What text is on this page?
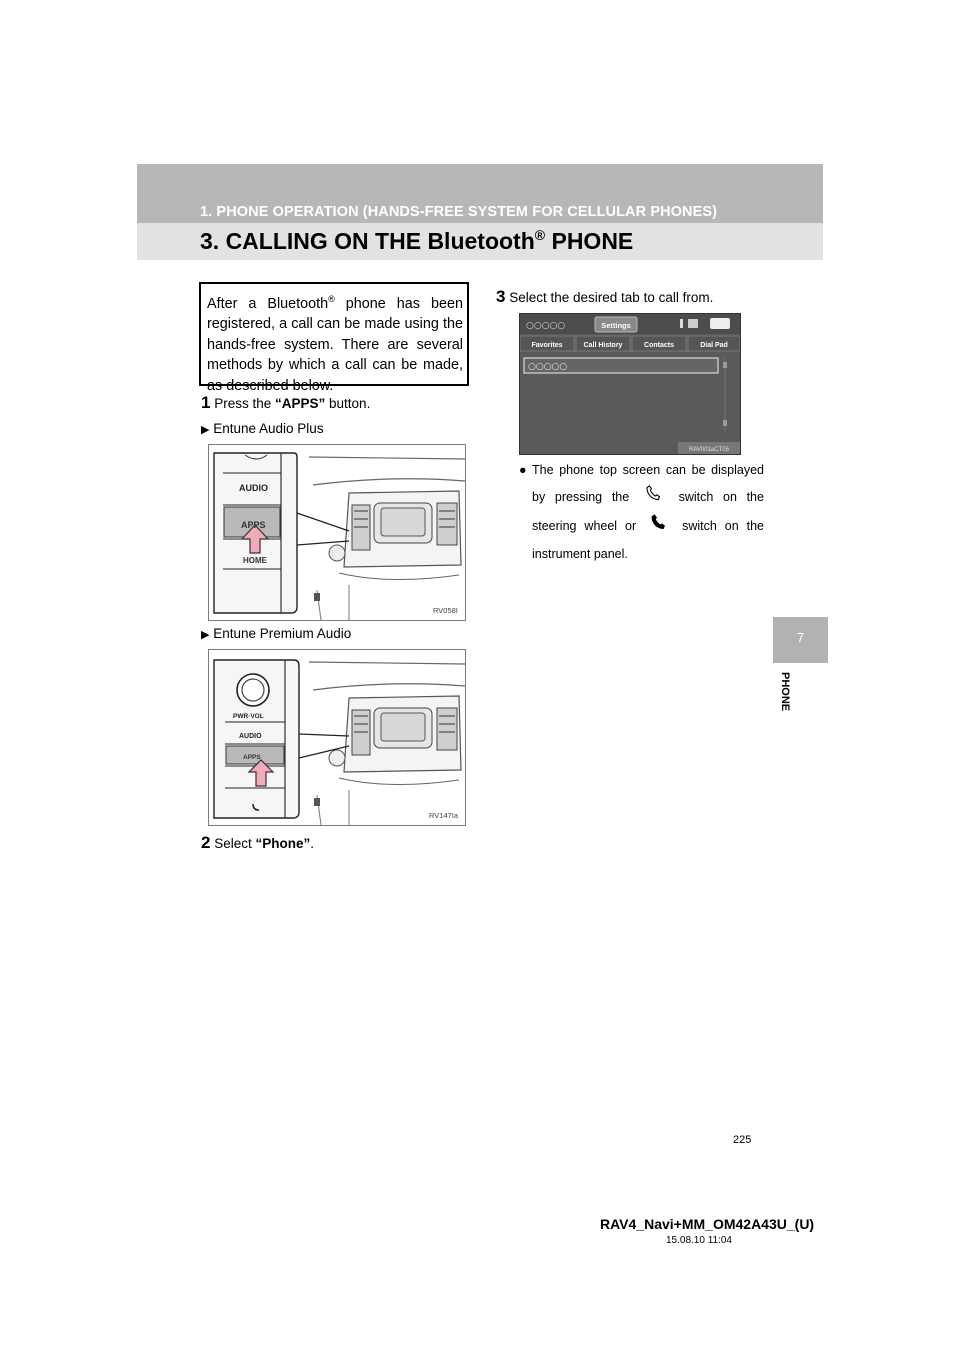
1. PHONE OPERATION (HANDS-FREE SYSTEM FOR CELLULAR PHONES)
3. CALLING ON THE Bluetooth® PHONE
7
PHONE
After a Bluetooth® phone has been registered, a call can be made using the hands-free system. There are several methods by which a call can be made, as described below.
1 Press the “APPS” button.
▶ Entune Audio Plus
AUDIO
APPS
HOME
RV058I
▶ Entune Premium Audio
PWR·VOL
AUDIO
APPS
RV147Ia
2 Select “Phone”.
3 Select the desired tab to call from.
○○○○○	Settings
Favorites	Call History	Contacts	Dial Pad
○○○○○
RAV001aCT05
● The phone top screen can be displayed by pressing the	switch on the steering wheel or	switch on the instrument panel.
225
RAV4_Navi+MM_OM42A43U_(U)
15.08.10 11:04
